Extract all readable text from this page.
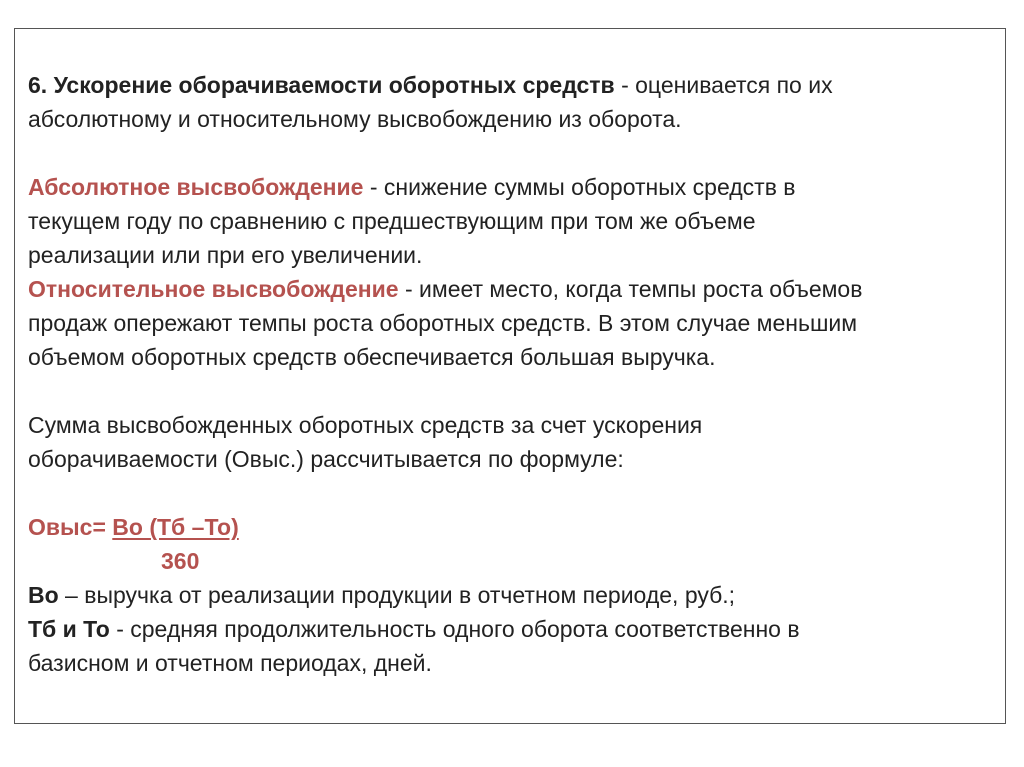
6. Ускорение оборачиваемости оборотных средств - оценивается по их

абсолютному и относительному высвобождению из оборота.

Абсолютное высвобождение - снижение суммы оборотных средств в

текущем году по сравнению с предшествующим при том же объеме

реализации или при его увеличении.

Относительное высвобождение - имеет место, когда темпы роста объемов

продаж опережают темпы роста оборотных средств. В этом случае меньшим

объемом оборотных средств обеспечивается большая выручка.

Сумма высвобожденных оборотных средств за счет ускорения

оборачиваемости (Овыс.) рассчитывается по формуле:

Овыс= Во (Тб –То)

360

Во – выручка от реализации продукции в отчетном периоде, руб.;

Тб и То - средняя продолжительность одного оборота соответственно в

базисном и отчетном периодах, дней.
